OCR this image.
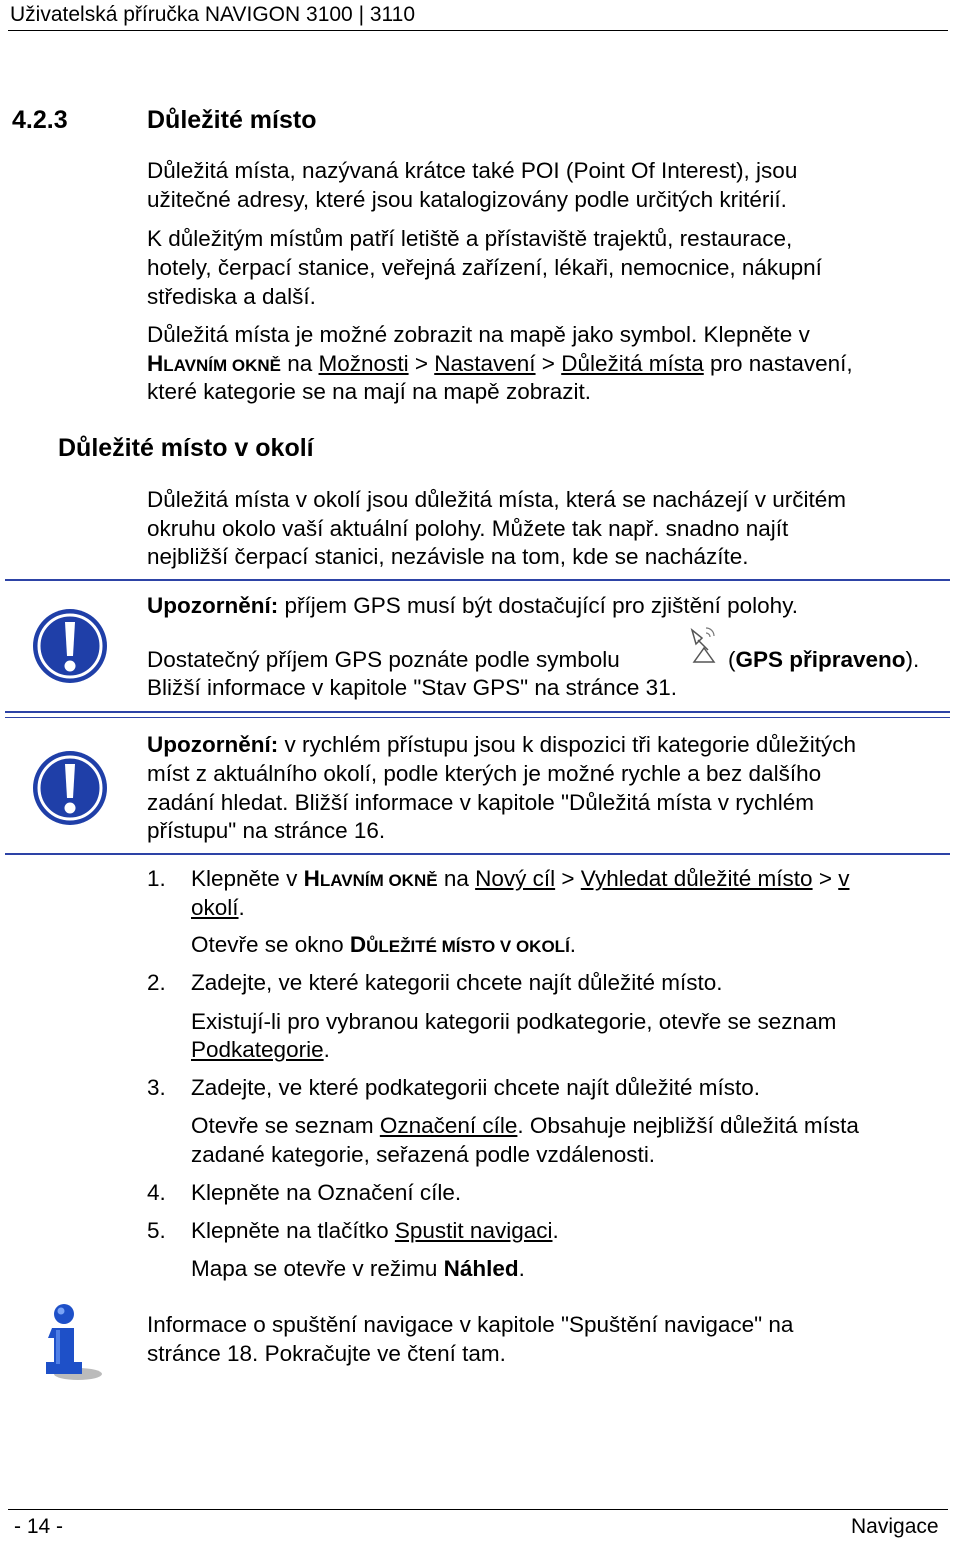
Uživatelská příručka NAVIGON 3100 | 3110
4.2.3	Důležité místo
Důležitá místa, nazývaná krátce také POI (Point Of Interest), jsou
užitečné adresy, které jsou katalogizovány podle určitých kritérií.
K důležitým místům patří letiště a přístaviště trajektů, restaurace,
hotely, čerpací stanice, veřejná zařízení, lékaři, nemocnice, nákupní
střediska a další.
Důležitá místa je možné zobrazit na mapě jako symbol. Klepněte v
HLAVNÍM OKNĚ na Možnosti > Nastavení > Důležitá místa pro nastavení,
které kategorie se na mají na mapě zobrazit.
Důležité místo v okolí
Důležitá místa v okolí jsou důležitá místa, která se nacházejí v určitém
okruhu okolo vaší aktuální polohy. Můžete tak např. snadno najít
nejbližší čerpací stanici, nezávisle na tom, kde se nacházíte.
Upozornění: příjem GPS musí být dostačující pro zjištění polohy.
Dostatečný příjem GPS poznáte podle symbolu	(GPS připraveno).
Bližší informace v kapitole "Stav GPS" na stránce 31.
Upozornění: v rychlém přístupu jsou k dispozici tři kategorie důležitých
míst z aktuálního okolí, podle kterých je možné rychle a bez dalšího
zadání hledat. Bližší informace v kapitole "Důležitá místa v rychlém
přístupu" na stránce 16.
1. Klepněte v HLAVNÍM OKNĚ na Nový cíl > Vyhledat důležité místo > v
okolí.
Otevře se okno DŮLEŽITÉ MÍSTO V OKOLÍ.
2. Zadejte, ve které kategorii chcete najít důležité místo.
Existují-li pro vybranou kategorii podkategorie, otevře se seznam
Podkategorie.
3. Zadejte, ve které podkategorii chcete najít důležité místo.
Otevře se seznam Označení cíle. Obsahuje nejbližší důležitá místa
zadané kategorie, seřazená podle vzdálenosti.
4. Klepněte na Označení cíle.
5. Klepněte na tlačítko Spustit navigaci.
Mapa se otevře v režimu Náhled.
Informace o spuštění navigace v kapitole "Spuštění navigace" na
stránce 18. Pokračujte ve čtení tam.
- 14 -	Navigace
